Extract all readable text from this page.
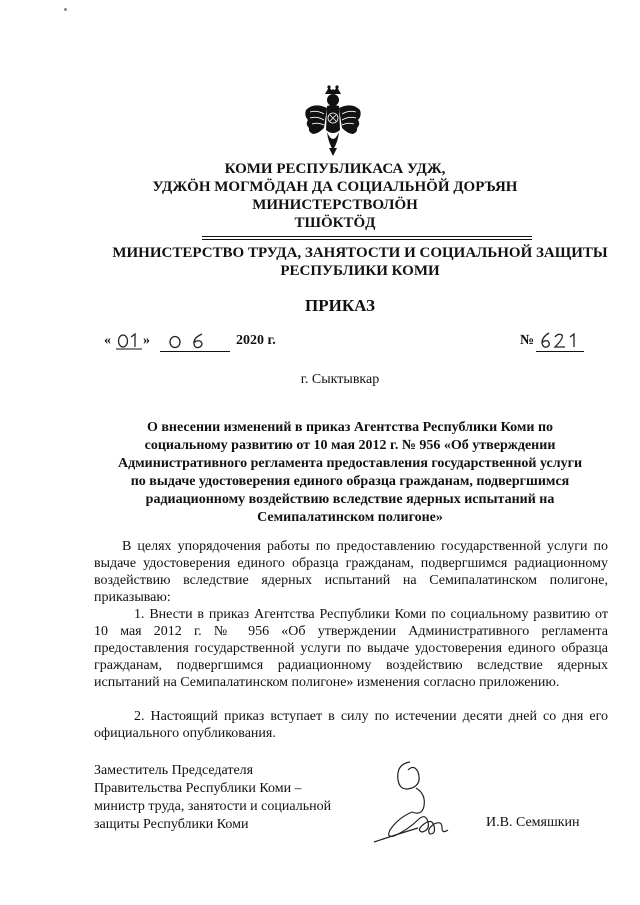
КОМИ РЕСПУБЛИКАСА УДЖ,
УДЖÖН МОГМÖДАН ДА СОЦИАЛЬНÖЙ ДОРЪЯН
МИНИСТЕРСТВОЛÖН
ТШÖКТÖД
МИНИСТЕРСТВО ТРУДА, ЗАНЯТОСТИ И СОЦИАЛЬНОЙ ЗАЩИТЫ
РЕСПУБЛИКИ КОМИ
ПРИКАЗ
« »	2020 г.	№
г. Сыктывкар
О внесении изменений в приказ Агентства Республики Коми по
социальному развитию от 10 мая 2012 г. № 956 «Об утверждении
Административного регламента предоставления государственной услуги
по выдаче удостоверения единого образца гражданам, подвергшимся
радиационному воздействию вследствие ядерных испытаний на
Семипалатинском полигоне»
В целях упорядочения работы по предоставлению государственной услуги по выдаче удостоверения единого образца гражданам, подвергшимся радиационному воздействию вследствие ядерных испытаний на Семипалатинском полигоне, приказываю:
1. Внести в приказ Агентства Республики Коми по социальному развитию от 10 мая 2012 г. № 956 «Об утверждении Административного регламента предоставления государственной услуги по выдаче удостоверения единого образца гражданам, подвергшимся радиационному воздействию вследствие ядерных испытаний на Семипалатинском полигоне» изменения согласно приложению.
2. Настоящий приказ вступает в силу по истечении десяти дней со дня его официального опубликования.
Заместитель Председателя
Правительства Республики Коми –
министр труда, занятости и социальной
защиты Республики Коми	И.В. Семяшкин
